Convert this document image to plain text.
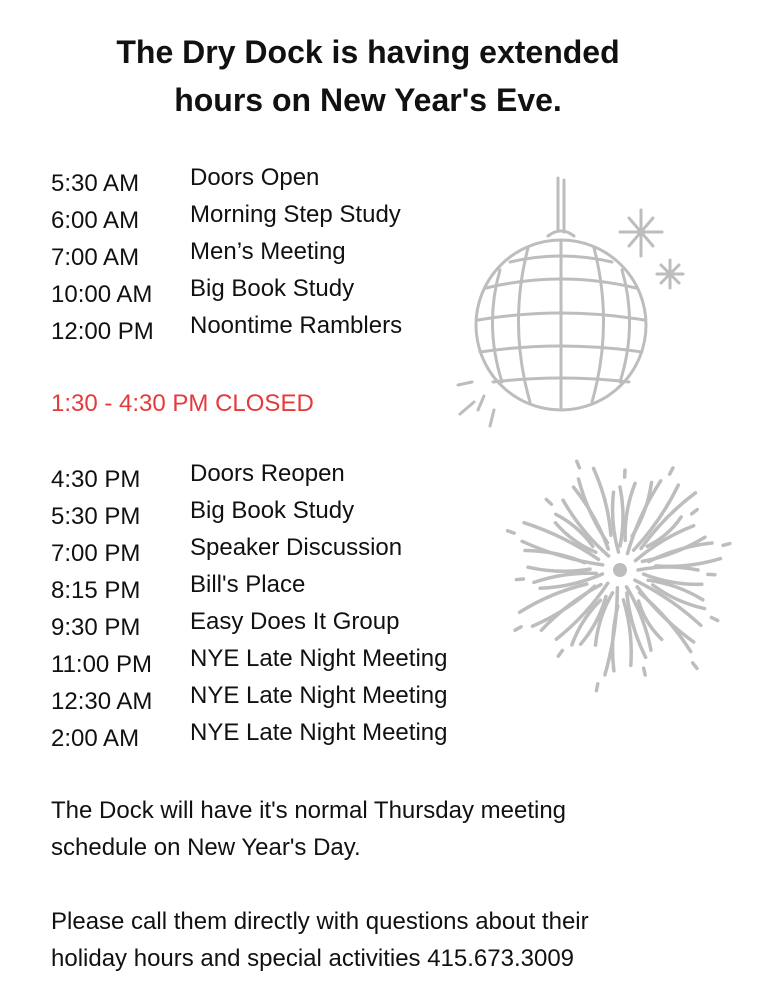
The Dry Dock is having extended
hours on New Year's Eve.
5:30 AM Doors Open
6:00 AM Morning Step Study
7:00 AM Men’s Meeting
10:00 AM Big Book Study
12:00 PM Noontime Ramblers
1:30 - 4:30 PM CLOSED
4:30 PM Doors Reopen
5:30 PM Big Book Study
7:00 PM Speaker Discussion
8:15 PM Bill's Place
9:30 PM Easy Does It Group
11:00 PM NYE Late Night Meeting
12:30 AM NYE Late Night Meeting
2:00 AM NYE Late Night Meeting

The Dock will have it's normal Thursday meeting
schedule on New Year's Day.

Please call them directly with questions about their
holiday hours and special activities 415.673.3009
